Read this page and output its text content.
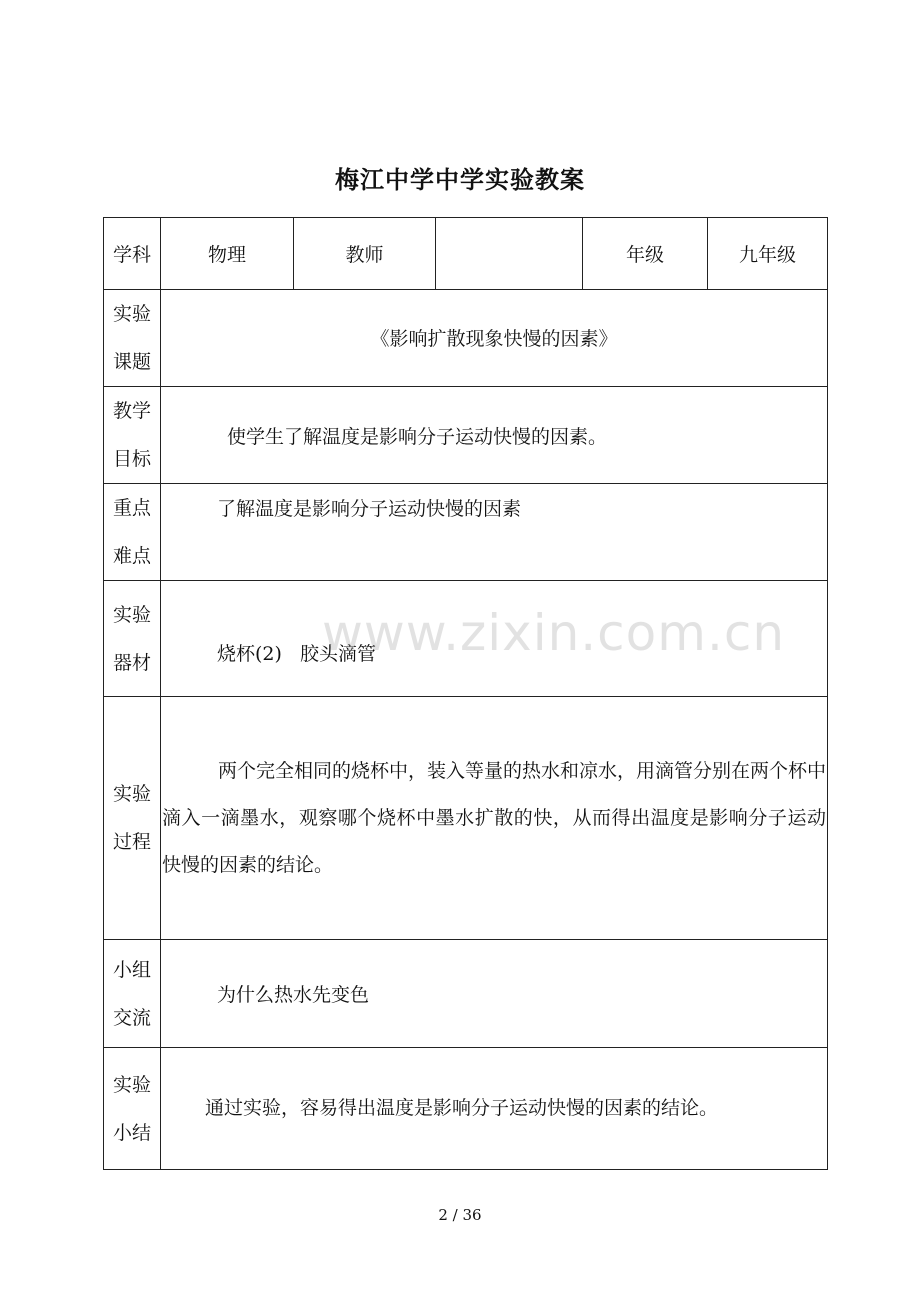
梅江中学中学实验教案
学科	物理	教师		年级	九年级

实验
课题	《影响扩散现象快慢的因素》				

教学
目标	使学生了解温度是影响分子运动快慢的因素。				

重点
难点	了解温度是影响分子运动快慢的因素				

实验
器材	烧杯(2)   胶头滴管				

实验
过程	两个完全相同的烧杯中，装入等量的热水和凉水，用滴管分别在两个杯中滴入一滴墨水，观察哪个烧杯中墨水扩散的快，从而得出温度是影响分子运动快慢的因素的结论。				

小组
交流	为什么热水先变色				

实验
小结	通过实验，容易得出温度是影响分子运动快慢的因素的结论。				
www.zixin.com.cn
2 / 36
